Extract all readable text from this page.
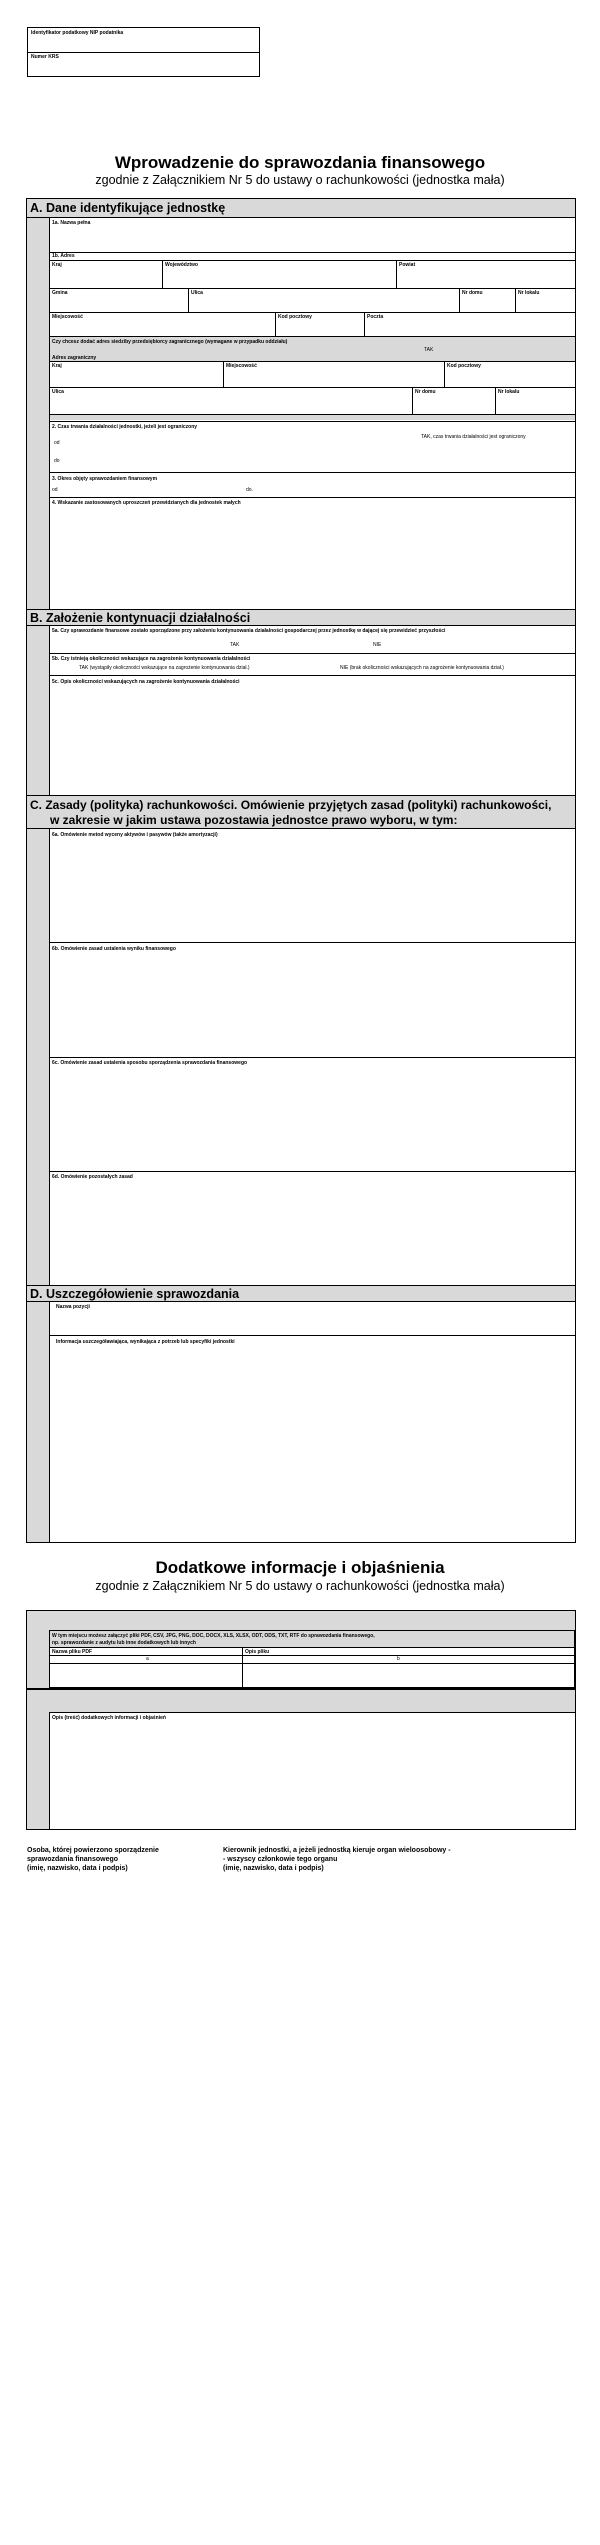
Identyfikator podatkowy NIP podatnika
Numer KRS
Wprowadzenie do sprawozdania finansowego
zgodnie z Załącznikiem Nr 5 do ustawy o rachunkowości (jednostka mała)
A. Dane identyfikujące jednostkę
1a. Nazwa pełna
1b. Adres
Kraj	Województwo	Powiat
Gmina	Ulica	Nr domu	Nr lokalu
Miejscowość	Kod pocztowy	Poczta
Czy chcesz dodać adres siedziby przedsiębiorcy zagranicznego (wymagane w przypadku oddziału)
TAK
Adres zagraniczny
Kraj	Miejscowość	Kod pocztowy
Ulica	Nr domu	Nr lokalu
2. Czas trwania działalności jednostki, jeżeli jest ograniczony
TAK, czas trwania działalności jest ograniczony
od
do
3. Okres objęty sprawozdaniem finansowym
od	do.
4. Wskazanie zastosowanych uproszczeń przewidzianych dla jednostek małych
B. Założenie kontynuacji działalności
5a. Czy sprawozdanie finansowe zostało sporządzone przy założeniu kontynuowania działalności gospodarczej przez jednostkę w dającej się przewidzieć przyszłości
TAK	NIE
5b. Czy istnieją okoliczności wskazujące na zagrożenie kontynuowania działalności
TAK (wystąpiły okoliczności wskazujące na zagrożenie kontynuowania dział.)	NIE (brak okoliczności wskazujących na zagrożenie kontynuowania dział.)
5c. Opis okoliczności wskazujących na zagrożenie kontynuowania działalności
C. Zasady (polityka) rachunkowości. Omówienie przyjętych zasad (polityki) rachunkowości,
w zakresie w jakim ustawa pozostawia jednostce prawo wyboru, w tym:
6a. Omówienie metod wyceny aktywów i pasywów (także amortyzacji)
6b. Omówienie zasad ustalenia wyniku finansowego
6c. Omówienie zasad ustalenia sposobu sporządzenia sprawozdania finansowego
6d. Omówienie pozostałych zasad
D. Uszczegółowienie sprawozdania
Nazwa pozycji
Informacja uszczegóławiająca, wynikająca z potrzeb lub specyfiki jednostki
Dodatkowe informacje i objaśnienia
zgodnie z Załącznikiem Nr 5 do ustawy o rachunkowości (jednostka mała)
W tym miejscu możesz załączyć pliki PDF, CSV, JPG, PNG, DOC, DOCX, XLS, XLSX, ODT, ODS, TXT, RTF do sprawozdania finansowego,
np. sprawozdanie z audytu lub inne dodatkowych lub innych
Nazwa pliku PDF	Opis pliku
a	b
Opis (treść) dodatkowych informacji i objaśnień
Osoba, której powierzono sporządzenie
sprawozdania finansowego
(imię, nazwisko, data i podpis)
Kierownik jednostki, a jeżeli jednostką kieruje organ wieloosobowy -
- wszyscy członkowie tego organu
(imię, nazwisko, data i podpis)
